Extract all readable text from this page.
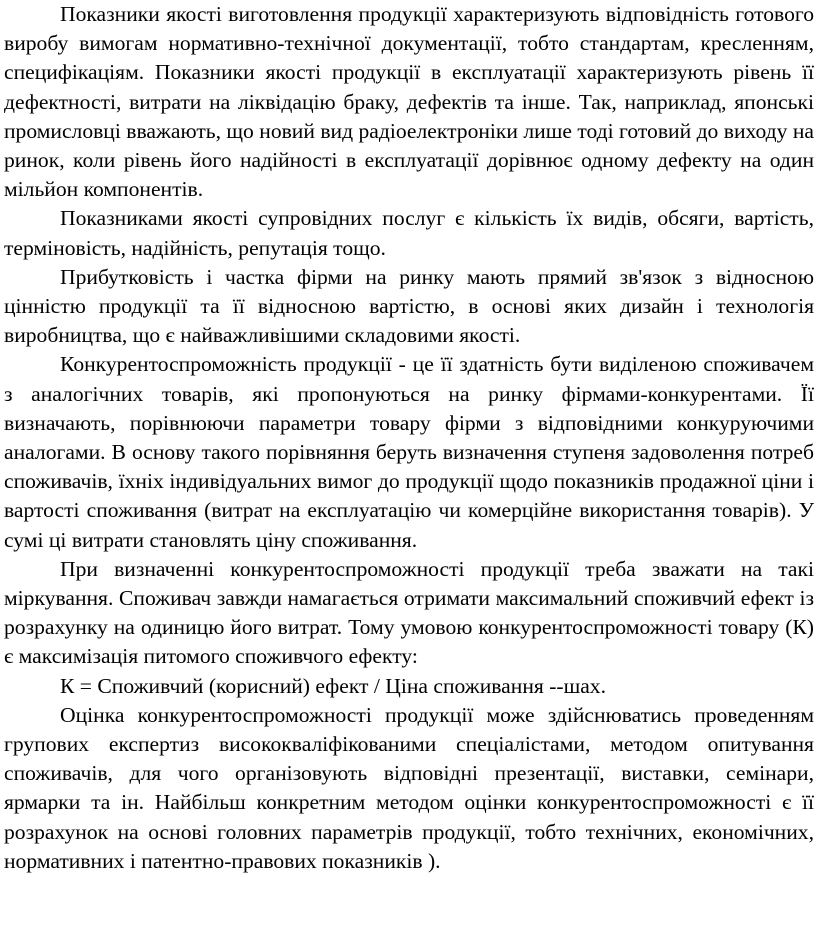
Показники якості виготовлення продукції характеризують відповідність готового виробу вимогам нормативно-технічної документації, тобто стандартам, кресленням, специфікаціям. Показники якості продукції в експлуатації характеризують рівень її дефектності, витрати на ліквідацію браку, дефектів та інше. Так, наприклад, японські промисловці вважають, що новий вид радіоелектроніки лише тоді готовий до виходу на ринок, коли рівень його надійності в експлуатації дорівнює одному дефекту на один мільйон компонентів.

Показниками якості супровідних послуг є кількість їх видів, обсяги, вартість, терміновість, надійність, репутація тощо.

Прибутковість і частка фірми на ринку мають прямий зв'язок з відносною цінністю продукції та її відносною вартістю, в основі яких дизайн і технологія виробництва, що є найважливішими складовими якості.

Конкурентоспроможність продукції - це її здатність бути виділеною споживачем з аналогічних товарів, які пропонуються на ринку фірмами-конкурентами. Її визначають, порівнюючи параметри товару фірми з відповідними конкуруючими аналогами. В основу такого порівняння беруть визначення ступеня задоволення потреб споживачів, їхніх індивідуальних вимог до продукції щодо показників продажної ціни і вартості споживання (витрат на експлуатацію чи комерційне використання товарів). У сумі ці витрати становлять ціну споживання.

При визначенні конкурентоспроможності продукції треба зважати на такі міркування. Споживач завжди намагається отримати максимальний споживчий ефект із розрахунку на одиницю його витрат. Тому умовою конкурентоспроможності товару (К) є максимізація питомого споживчого ефекту:

К = Споживчий (корисний) ефект / Ціна споживання --шах.

Оцінка конкурентоспроможності продукції може здійснюватись проведенням групових експертиз висококваліфікованими спеціалістами, методом опитування споживачів, для чого організовують відповідні презентації, виставки, семінари, ярмарки та ін. Найбільш конкретним методом оцінки конкурентоспроможності є її розрахунок на основі головних параметрів продукції, тобто технічних, економічних, нормативних і патентно-правових показників ).
